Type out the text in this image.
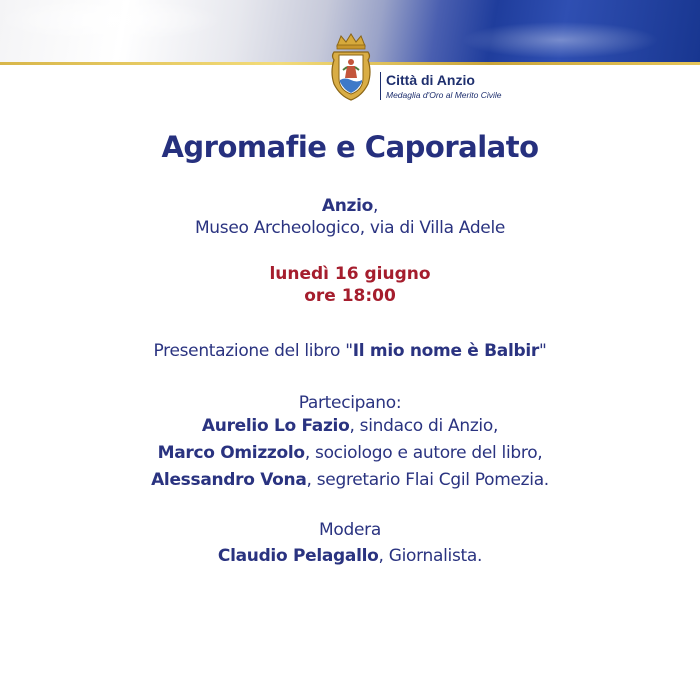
Città di Anzio
Medaglia d'Oro al Merito Civile
Agromafie e Caporalato
Anzio,
Museo Archeologico, via di Villa Adele
lunedì 16 giugno
ore 18:00
Presentazione del libro "Il mio nome è Balbir"
Partecipano:
Aurelio Lo Fazio, sindaco di Anzio,
Marco Omizzolo, sociologo e autore del libro,
Alessandro Vona, segretario Flai Cgil Pomezia.
Modera
Claudio Pelagallo, Giornalista.
